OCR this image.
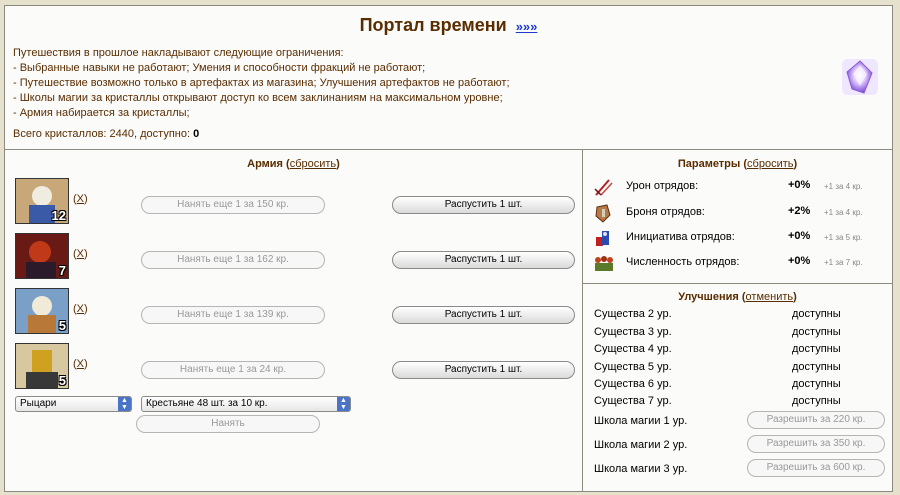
Портал времени »»»
Путешествия в прошлое накладывают следующие ограничения:
- Выбранные навыки не работают; Умения и способности фракций не работают;
- Путешествие возможно только в артефактах из магазина; Улучшения артефактов не работают;
- Школы магии за кристаллы открывают доступ ко всем заклинаниям на максимальном уровне;
- Армия набирается за кристаллы;
Всего кристаллов: 2440, доступно: 0
Армия (сбросить)
12
(X)	Нанять еще 1 за 150 кр.	Распустить 1 шт.
7
(X)	Нанять еще 1 за 162 кр.	Распустить 1 шт.
5
(X)	Нанять еще 1 за 139 кр.	Распустить 1 шт.
5
(X)	Нанять еще 1 за 24 кр.	Распустить 1 шт.
Рыцари	▲
▼	Крестьяне 48 шт. за 10 кр.	▲
▼
Нанять
Параметры (сбросить)
Урон отрядов:	+0% +1 за 4 кр.
Броня отрядов:	+2% +1 за 4 кр.
Инициатива отрядов:	+0% +1 за 5 кр.
Численность отрядов:	+0% +1 за 7 кр.
Улучшения (отменить)
Существа 2 ур.	доступны
Существа 3 ур.	доступны
Существа 4 ур.	доступны
Существа 5 ур.	доступны
Существа 6 ур.	доступны
Существа 7 ур.	доступны
Школа магии 1 ур.	Разрешить за 220 кр.
Школа магии 2 ур.	Разрешить за 350 кр.
Школа магии 3 ур.	Разрешить за 600 кр.
